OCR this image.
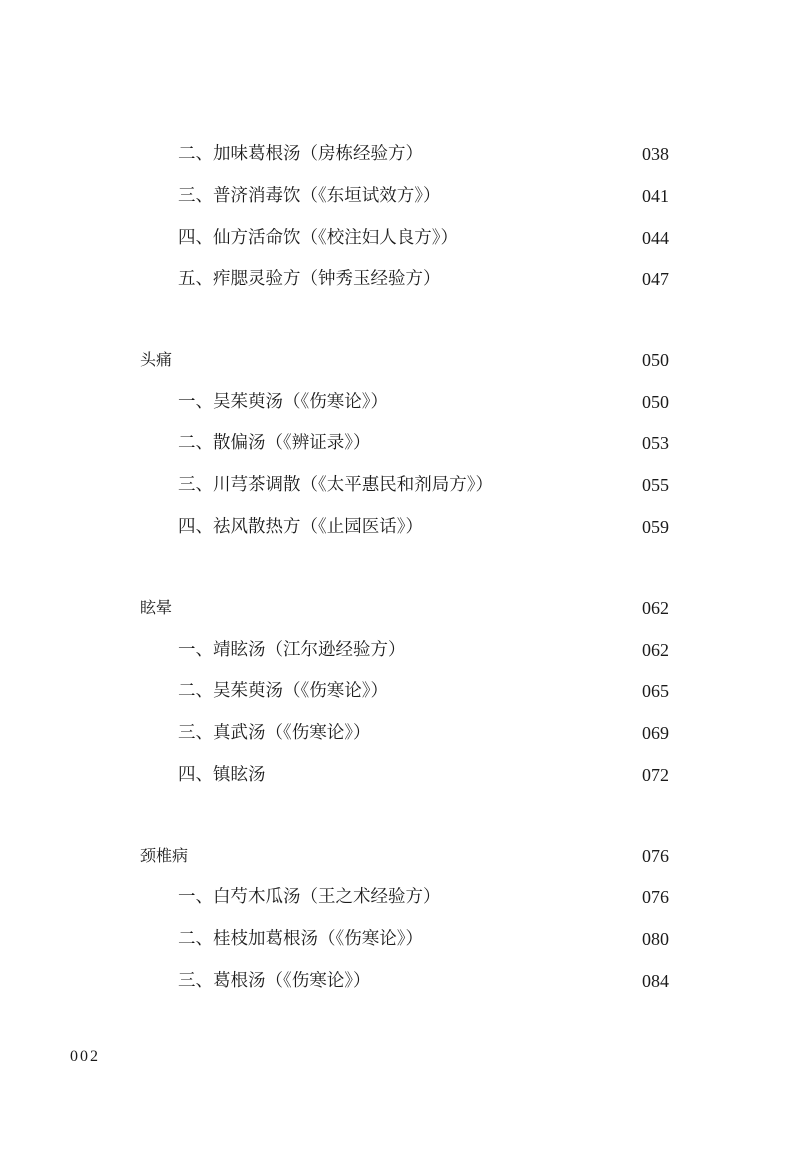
二、加味葛根汤（房栋经验方）	038
三、普济消毒饮（《东垣试效方》）	041
四、仙方活命饮（《校注妇人良方》）	044
五、痄腮灵验方（钟秀玉经验方）	047
头痛	050
一、吴茱萸汤（《伤寒论》）	050
二、散偏汤（《辨证录》）	053
三、川芎茶调散（《太平惠民和剂局方》）	055
四、祛风散热方（《止园医话》）	059
眩晕	062
一、靖眩汤（江尔逊经验方）	062
二、吴茱萸汤（《伤寒论》）	065
三、真武汤（《伤寒论》）	069
四、镇眩汤	072
颈椎病	076
一、白芍木瓜汤（王之术经验方）	076
二、桂枝加葛根汤（《伤寒论》）	080
三、葛根汤（《伤寒论》）	084
002
